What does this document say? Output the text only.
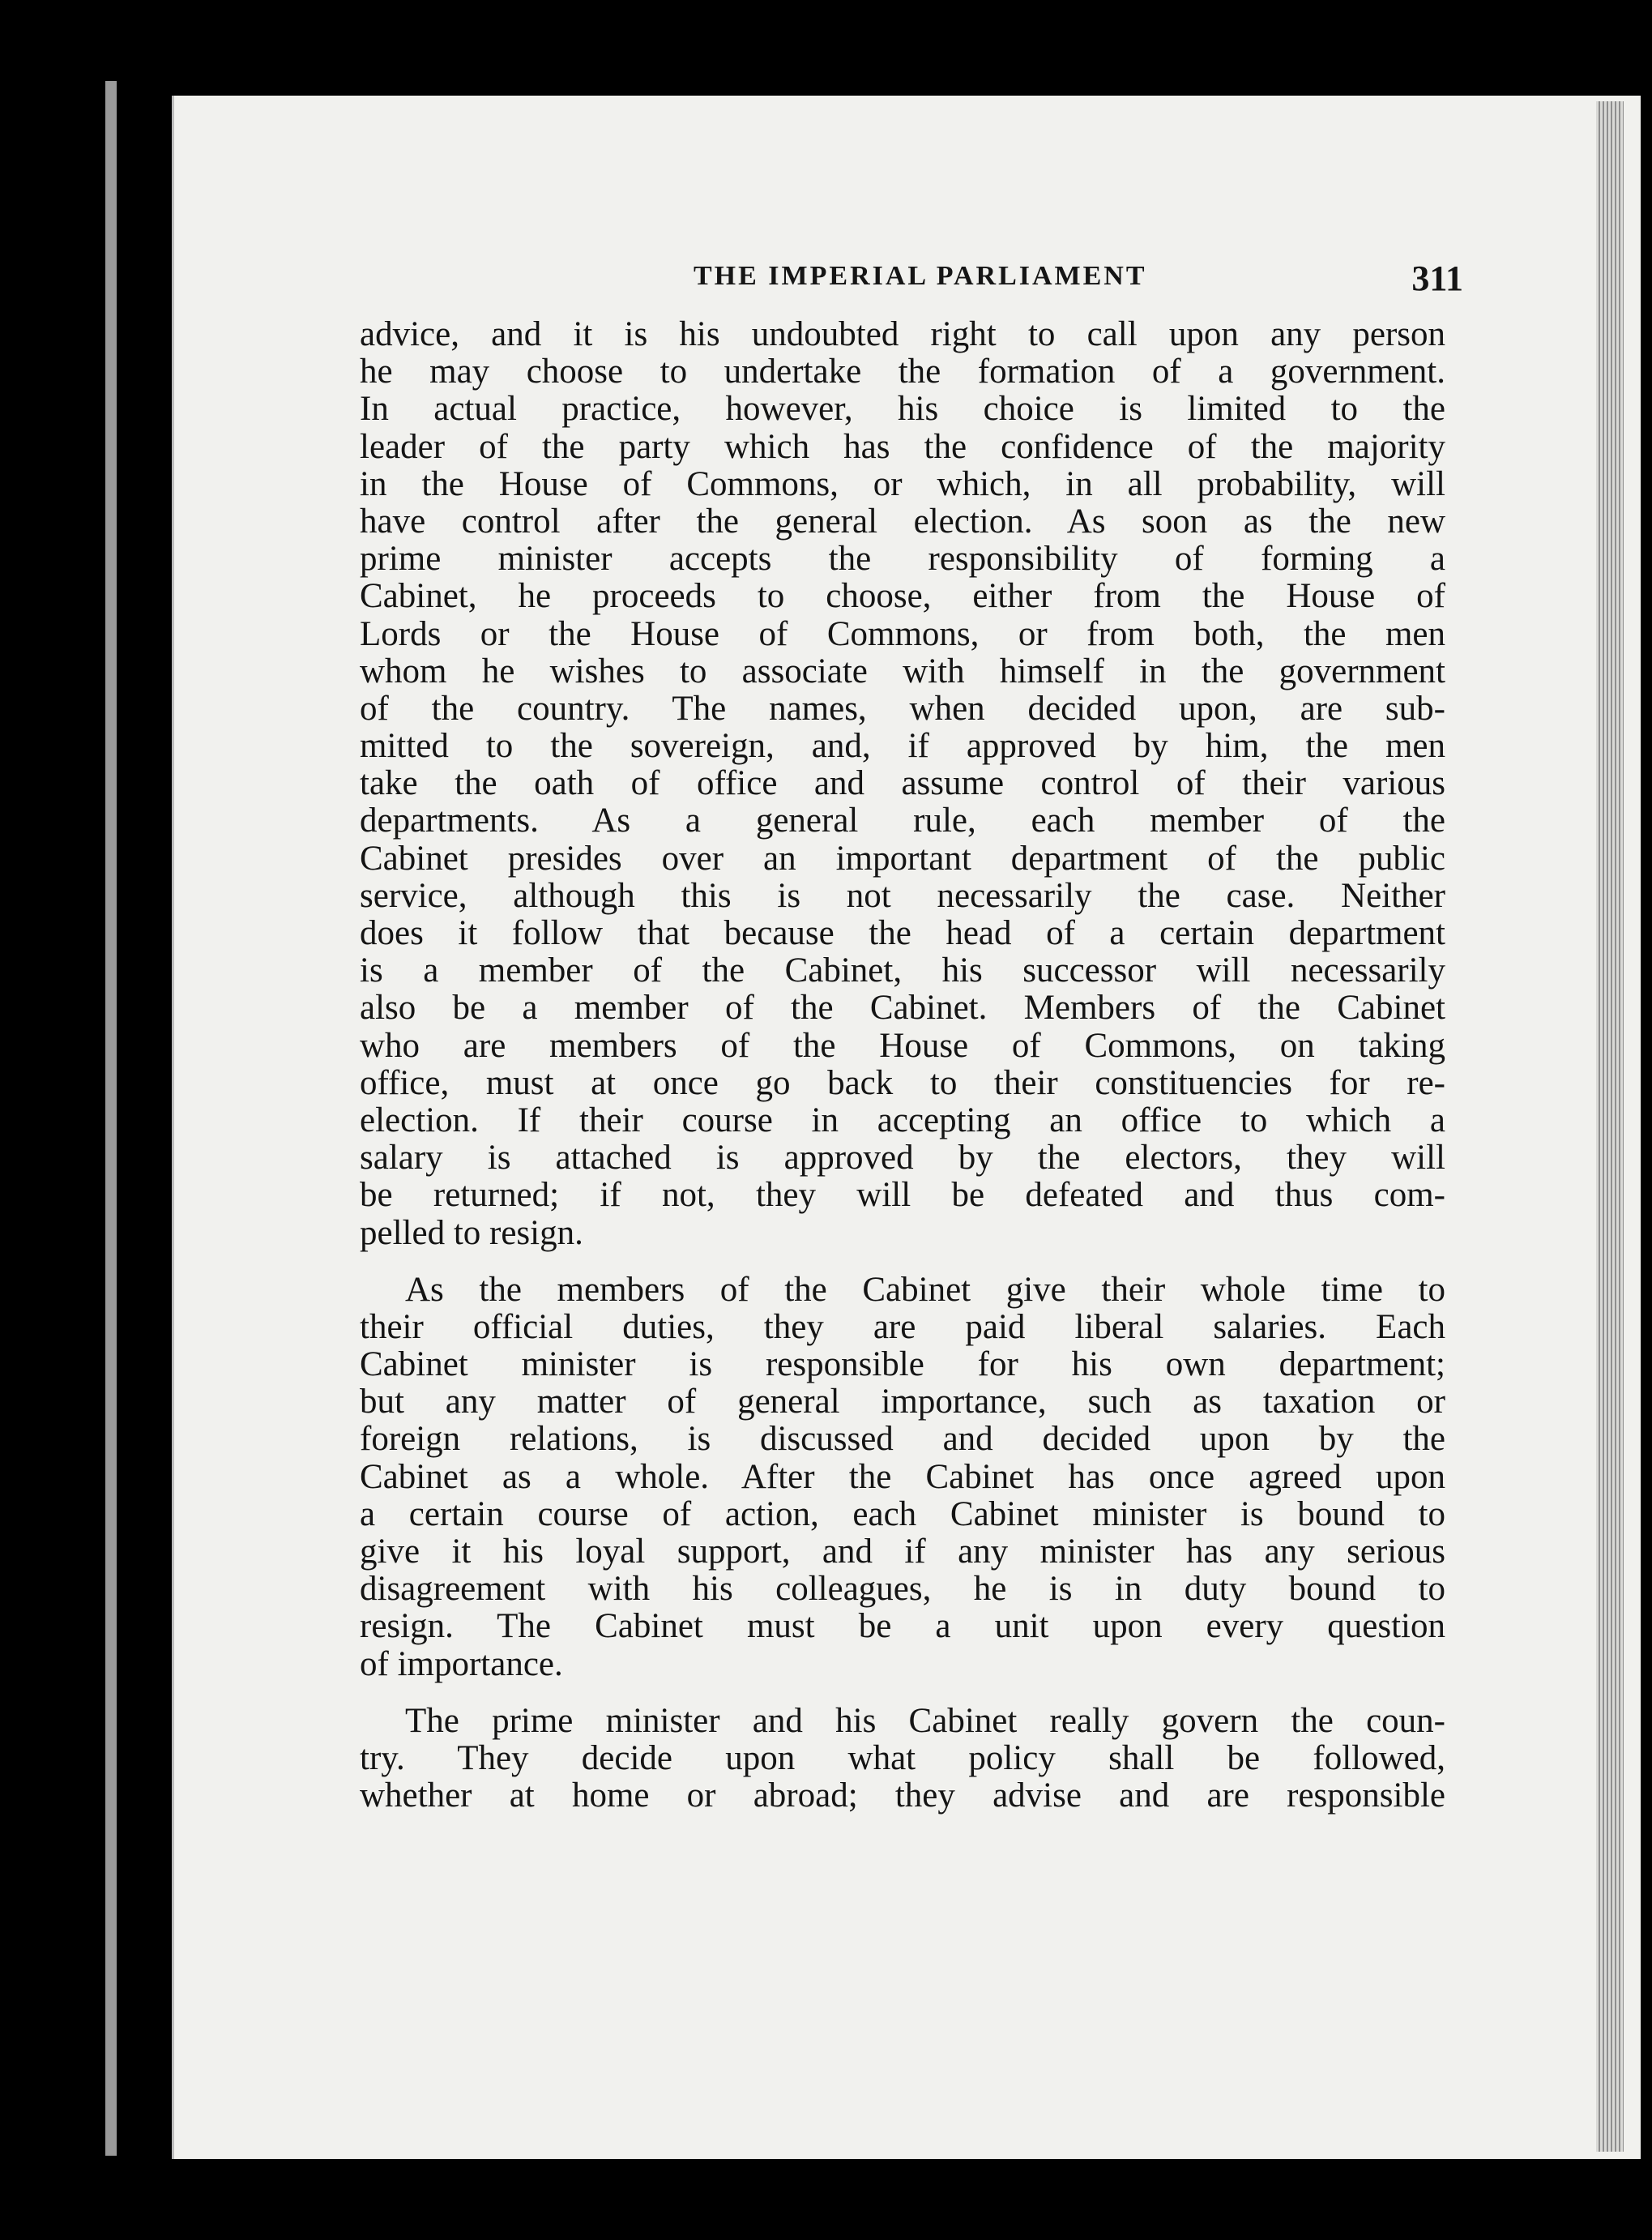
THE IMPERIAL PARLIAMENT	311
advice, and it is his undoubted right to call upon any person
he may choose to undertake the formation of a government.
In actual practice, however, his choice is limited to the
leader of the party which has the confidence of the majority
in the House of Commons, or which, in all probability, will
have control after the general election. As soon as the new
prime minister accepts the responsibility of forming a
Cabinet, he proceeds to choose, either from the House of
Lords or the House of Commons, or from both, the men
whom he wishes to associate with himself in the government
of the country. The names, when decided upon, are sub-
mitted to the sovereign, and, if approved by him, the men
take the oath of office and assume control of their various
departments. As a general rule, each member of the
Cabinet presides over an important department of the public
service, although this is not necessarily the case. Neither
does it follow that because the head of a certain department
is a member of the Cabinet, his successor will necessarily
also be a member of the Cabinet. Members of the Cabinet
who are members of the House of Commons, on taking
office, must at once go back to their constituencies for re-
election. If their course in accepting an office to which a
salary is attached is approved by the electors, they will
be returned; if not, they will be defeated and thus com-
pelled to resign.
As the members of the Cabinet give their whole time to
their official duties, they are paid liberal salaries. Each
Cabinet minister is responsible for his own department;
but any matter of general importance, such as taxation or
foreign relations, is discussed and decided upon by the
Cabinet as a whole. After the Cabinet has once agreed upon
a certain course of action, each Cabinet minister is bound to
give it his loyal support, and if any minister has any serious
disagreement with his colleagues, he is in duty bound to
resign. The Cabinet must be a unit upon every question
of importance.
The prime minister and his Cabinet really govern the coun-
try. They decide upon what policy shall be followed,
whether at home or abroad; they advise and are responsible
